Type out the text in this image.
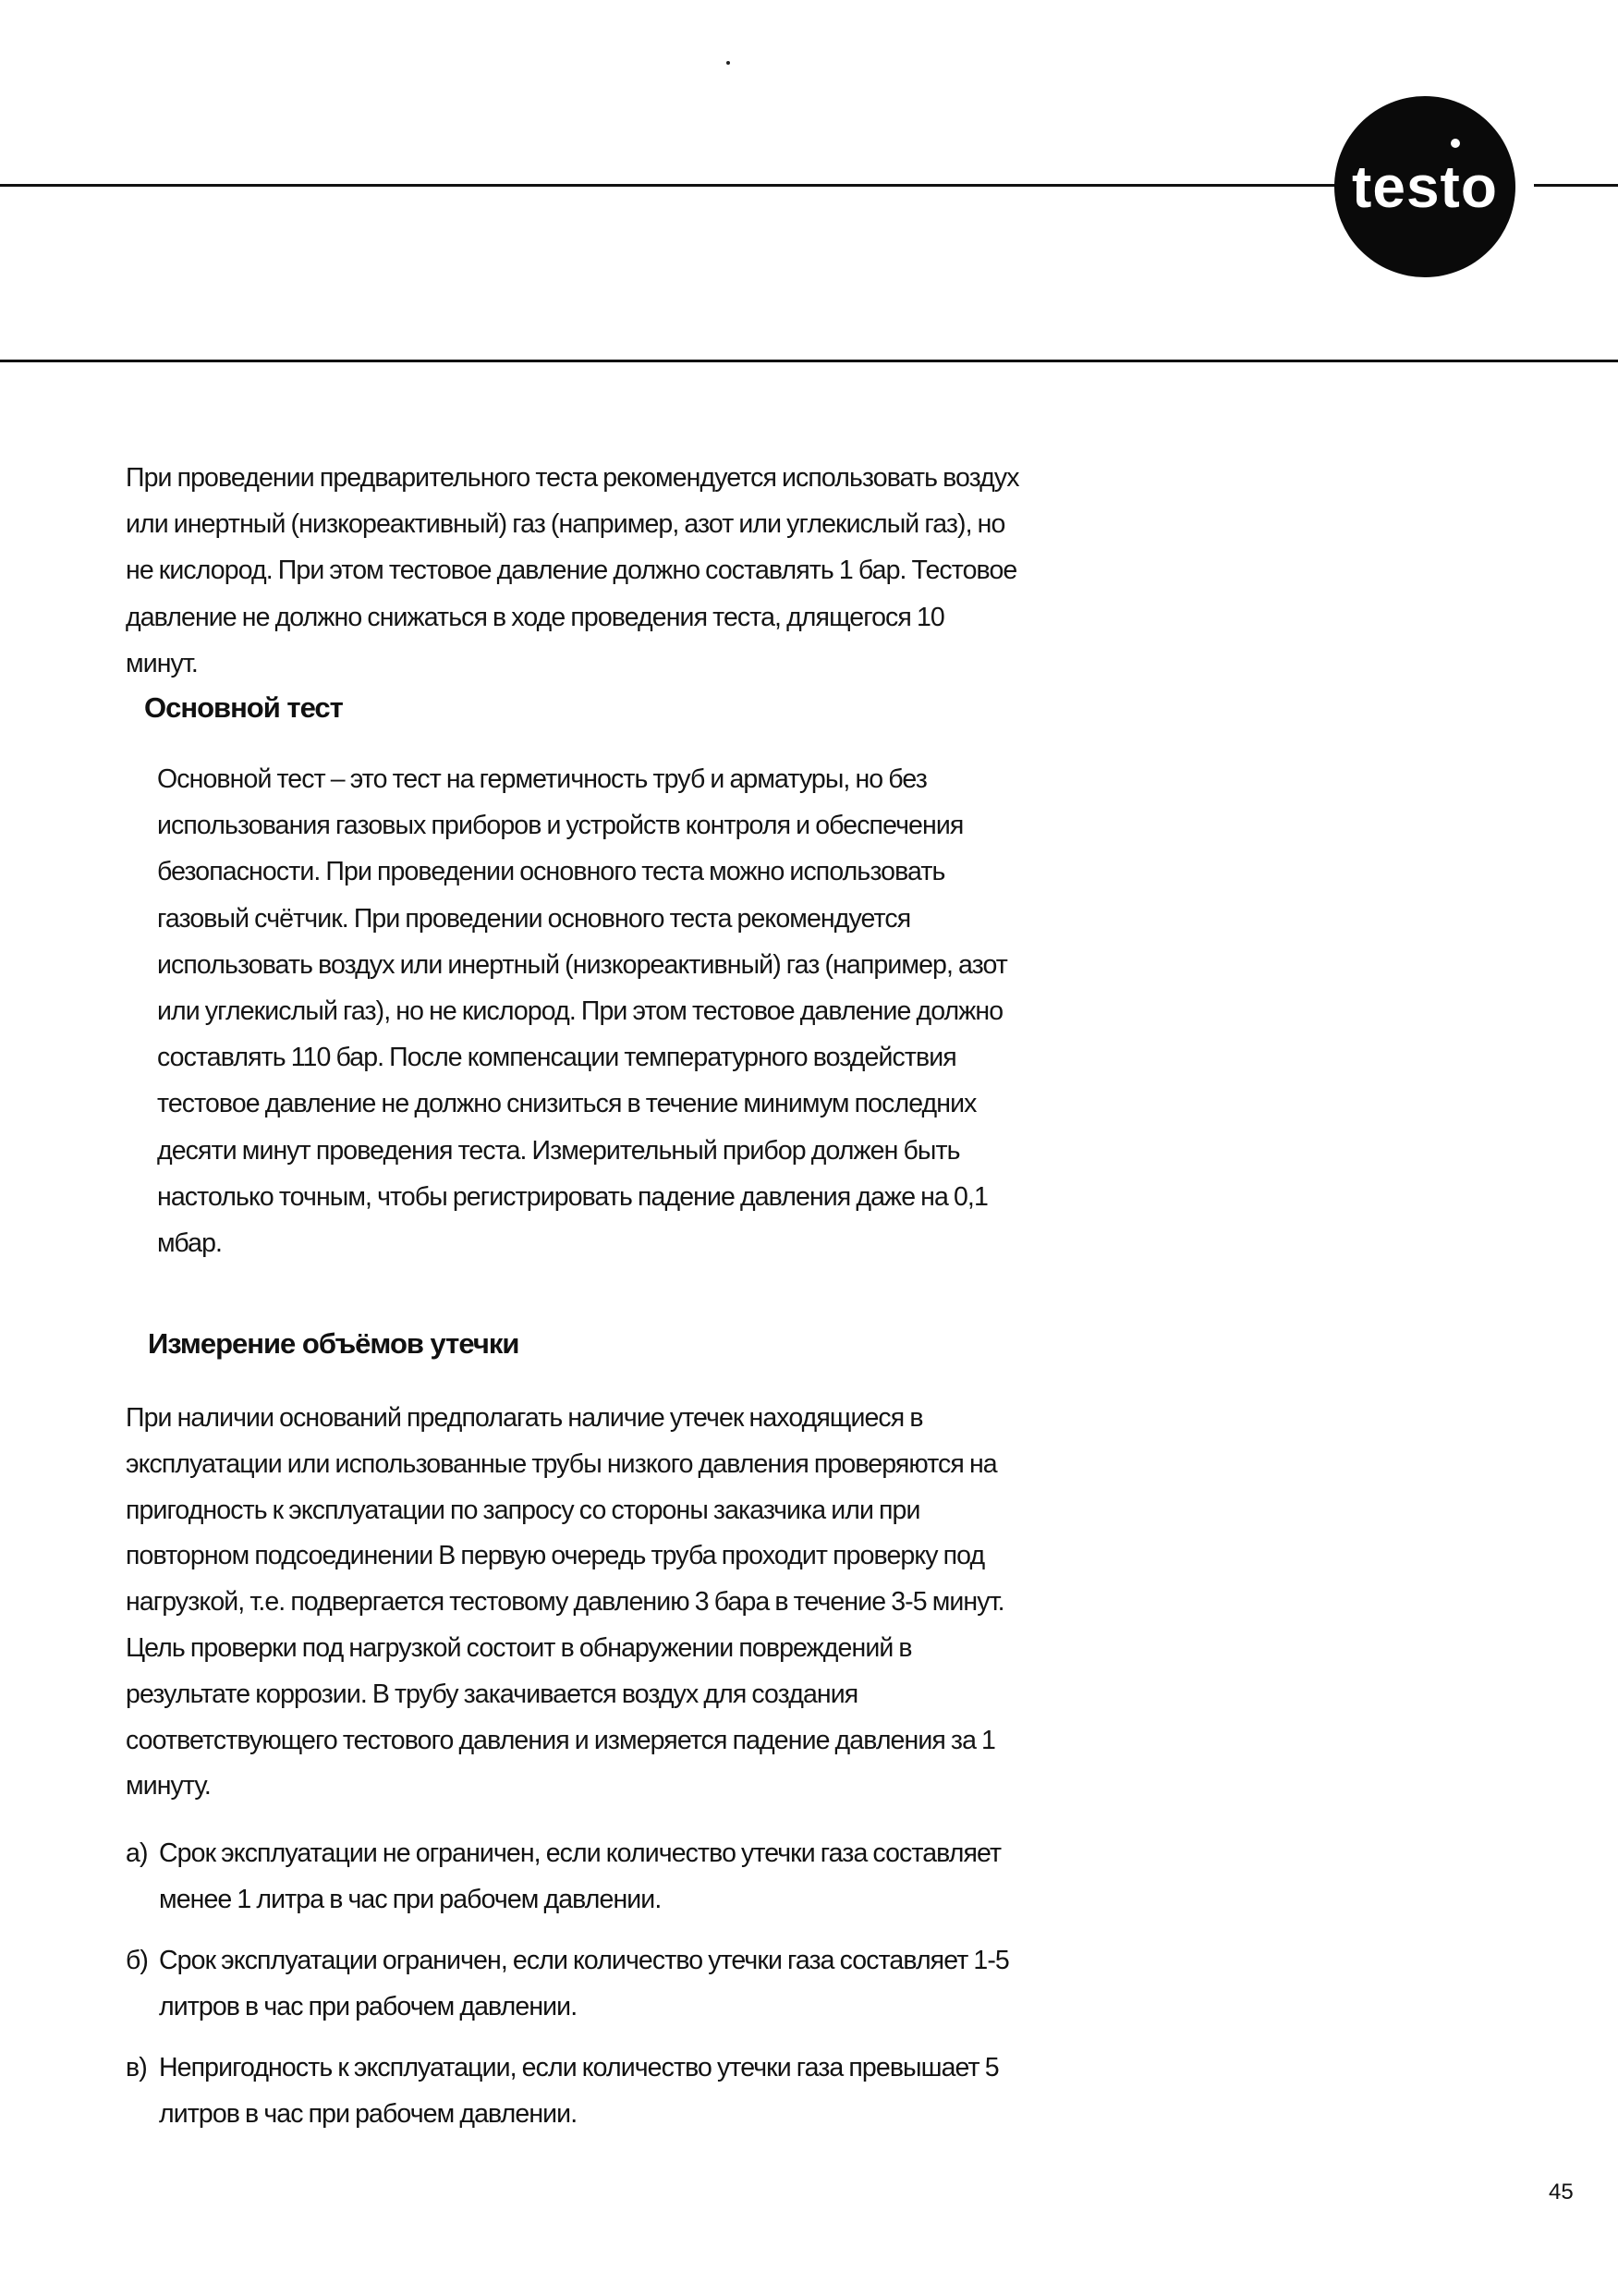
testo

При проведении предварительного теста рекомендуется использовать воздух
или инертный (низкореактивный) газ (например, азот или углекислый газ), но
не кислород. При этом тестовое давление должно составлять 1 бар. Тестовое
давление не должно снижаться в ходе проведения теста, длящегося 10
минут.

Основной тест

Основной тест – это тест на герметичность труб и арматуры, но без
использования газовых приборов и устройств контроля и обеспечения
безопасности. При проведении основного теста можно использовать
газовый счётчик. При проведении основного теста рекомендуется
использовать воздух или инертный (низкореактивный) газ (например, азот
или углекислый газ), но не кислород. При этом тестовое давление должно
составлять 110 бар. После компенсации температурного воздействия
тестовое давление не должно снизиться в течение минимум последних
десяти минут проведения теста. Измерительный прибор должен быть
настолько точным, чтобы регистрировать падение давления даже на 0,1
мбар.

Измерение объёмов утечки

При наличии оснований предполагать наличие утечек находящиеся в
эксплуатации или использованные трубы низкого давления проверяются на
пригодность к эксплуатации по запросу со стороны заказчика или при
повторном подсоединении В первую очередь труба проходит проверку под
нагрузкой, т.е. подвергается тестовому давлению 3 бара в течение 3-5 минут.
Цель проверки под нагрузкой состоит в обнаружении повреждений в
результате коррозии. В трубу закачивается воздух для создания
соответствующего тестового давления и измеряется падение давления за 1
минуту.

а) Срок эксплуатации не ограничен, если количество утечки газа составляет
менее 1 литра в час при рабочем давлении.
б) Срок эксплуатации ограничен, если количество утечки газа составляет 1-5
литров в час при рабочем давлении.
в) Непригодность к эксплуатации, если количество утечки газа превышает 5
литров в час при рабочем давлении.
45
